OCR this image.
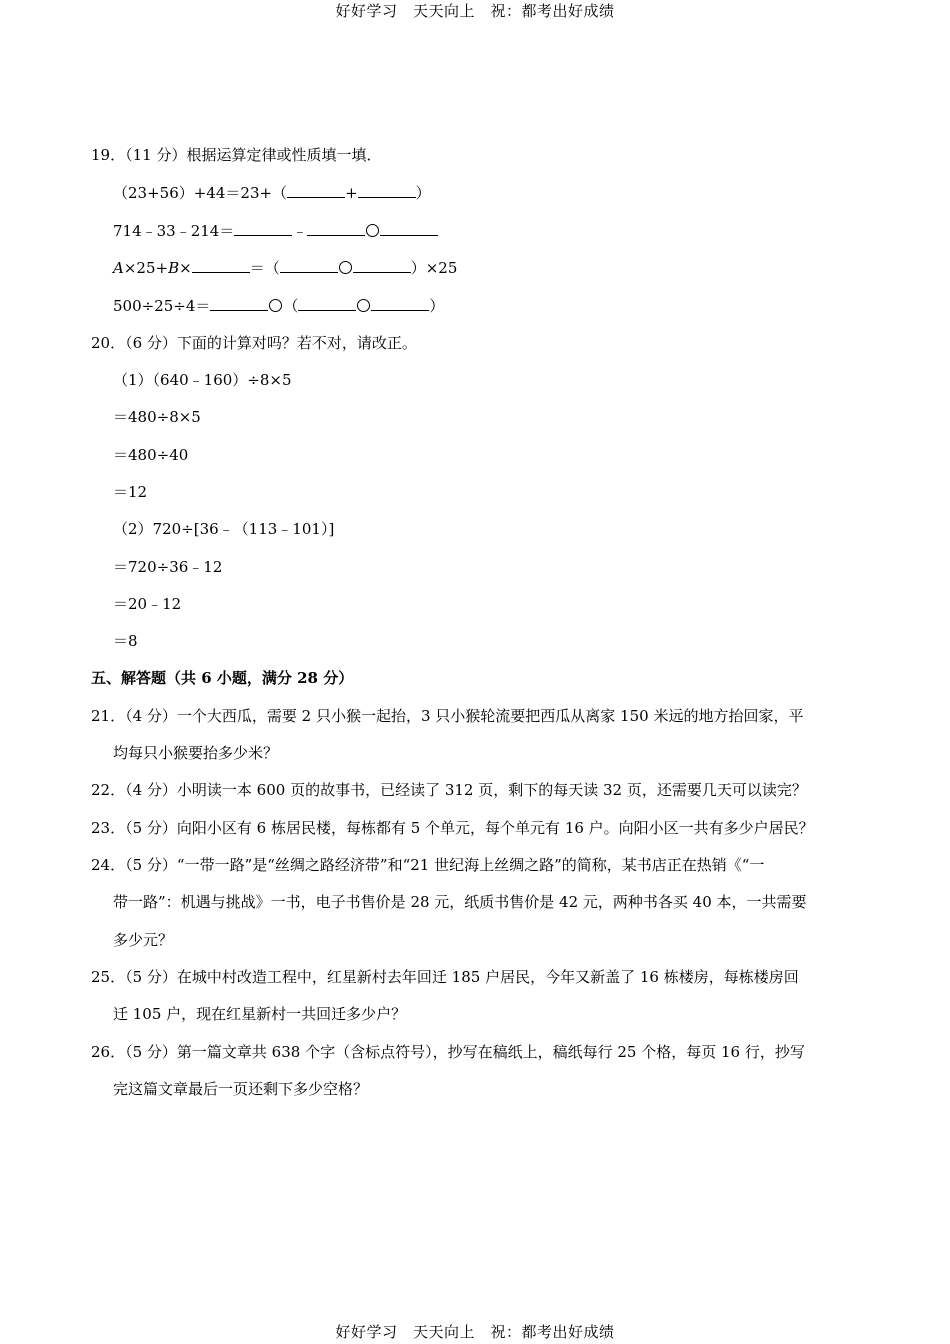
好好学习　天天向上　祝：都考出好成绩
19．（11 分）根据运算定律或性质填一填．
（23+56）+44＝23+（	+	）
714﹣33﹣214＝	﹣
A×25+B×	＝（	）×25
500÷25÷4＝	（	）
20．（6 分）下面的计算对吗？若不对，请改正。
（1）（640﹣160）÷8×5
＝480÷8×5
＝480÷40
＝12
（2）720÷[36﹣（113﹣101）]
＝720÷36﹣12
＝20﹣12
＝8
五、解答题（共 6 小题，满分 28 分）
21．（4 分）一个大西瓜，需要 2 只小猴一起抬，3 只小猴轮流要把西瓜从离家 150 米远的地方抬回家，平
均每只小猴要抬多少米？
22．（4 分）小明读一本 600 页的故事书，已经读了 312 页，剩下的每天读 32 页，还需要几天可以读完？
23．（5 分）向阳小区有 6 栋居民楼，每栋都有 5 个单元，每个单元有 16 户。向阳小区一共有多少户居民？
24．（5 分）“一带一路”是“丝绸之路经济带”和“21 世纪海上丝绸之路”的简称，某书店正在热销《“一
带一路”：机遇与挑战》一书，电子书售价是 28 元，纸质书售价是 42 元，两种书各买 40 本，一共需要
多少元？
25．（5 分）在城中村改造工程中，红星新村去年回迁 185 户居民，今年又新盖了 16 栋楼房，每栋楼房回
迁 105 户，现在红星新村一共回迁多少户？
26．（5 分）第一篇文章共 638 个字（含标点符号），抄写在稿纸上，稿纸每行 25 个格，每页 16 行，抄写
完这篇文章最后一页还剩下多少空格？
好好学习　天天向上　祝：都考出好成绩
